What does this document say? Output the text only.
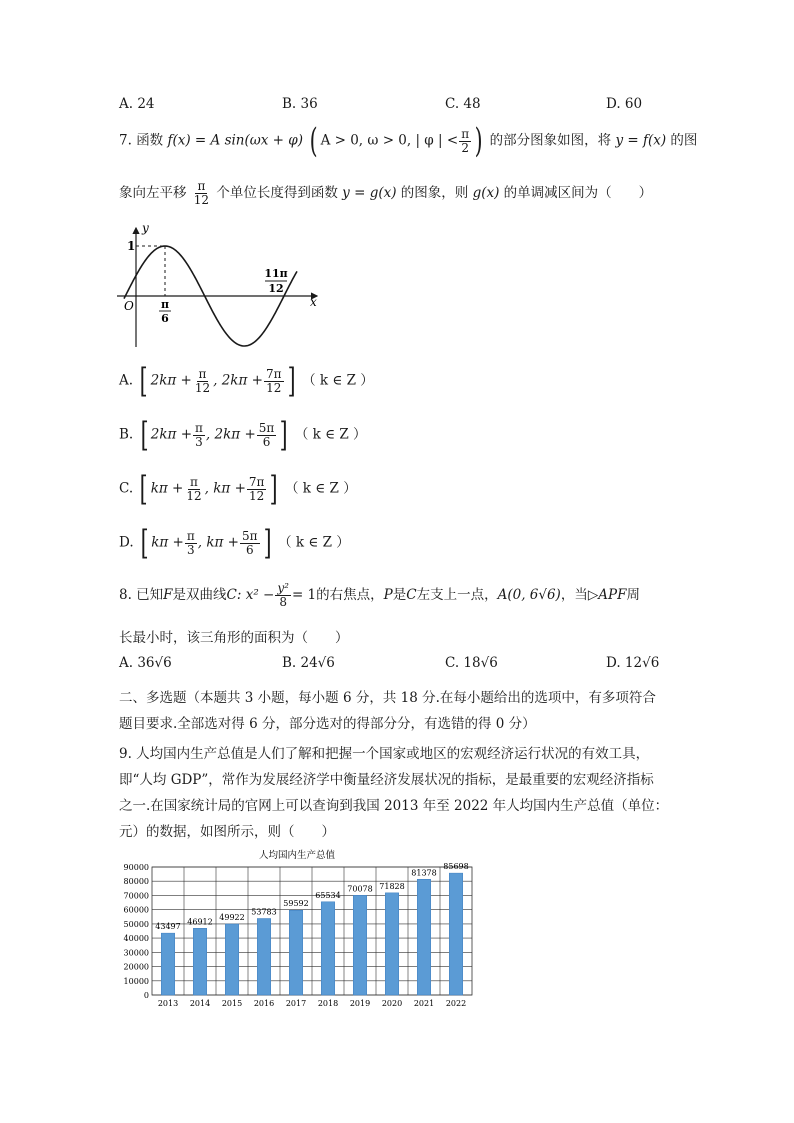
A. 24	B. 36	C. 48	D. 60
7. 函数 f(x) = A sin(ωx + φ) ( A > 0, ω > 0, | φ | < $\frac{\pi}{2}$ ) 的部分图象如图，将 y = f(x) 的图
象向左平移 $\frac{\pi}{12}$ 个单位长度得到函数 y = g(x) 的图象，则 g(x) 的单调减区间为（　　）
y
x
O
1
π
6
11π
12
A. [ $2k\pi + \frac{\pi}{12}$ , $2k\pi + \frac{7\pi}{12}$ ] （ k ∈ Z ）
B. [ $2k\pi + \frac{\pi}{3}$ , $2k\pi + \frac{5\pi}{6}$ ] （ k ∈ Z ）
C. [ $k\pi + \frac{\pi}{12}$ , $k\pi + \frac{7\pi}{12}$ ] （ k ∈ Z ）
D. [ $k\pi + \frac{\pi}{3}$ , $k\pi + \frac{5\pi}{6}$ ] （ k ∈ Z ）
8. 已知F是双曲线C: $x^2 - \frac{\text{y²}}{8} = 1$的右焦点，P是C左支上一点，A(0, 6√6)，当▷APF周
长最小时，该三角形的面积为（　　）
A. 36√6	B. 24√6	C. 18√6	D. 12√6
二、多选题（本题共 3 小题，每小题 6 分，共 18 分.在每小题给出的选项中，有多项符合
题目要求.全部选对得 6 分，部分选对的得部分分，有选错的得 0 分）
9. 人均国内生产总值是人们了解和把握一个国家或地区的宏观经济运行状况的有效工具，
即“人均 GDP”，常作为发展经济学中衡量经济发展状况的指标，是最重要的宏观经济指标
之一.在国家统计局的官网上可以查询到我国 2013 年至 2022 年人均国内生产总值（单位：
元）的数据，如图所示，则（　　）
人均国内生产总值
0
10000
20000
30000
40000
50000
60000
70000
80000
90000
43497
2013
46912
2014
49922
2015
53783
2016
59592
2017
65534
2018
70078
2019
71828
2020
81378
2021
85698
2022
